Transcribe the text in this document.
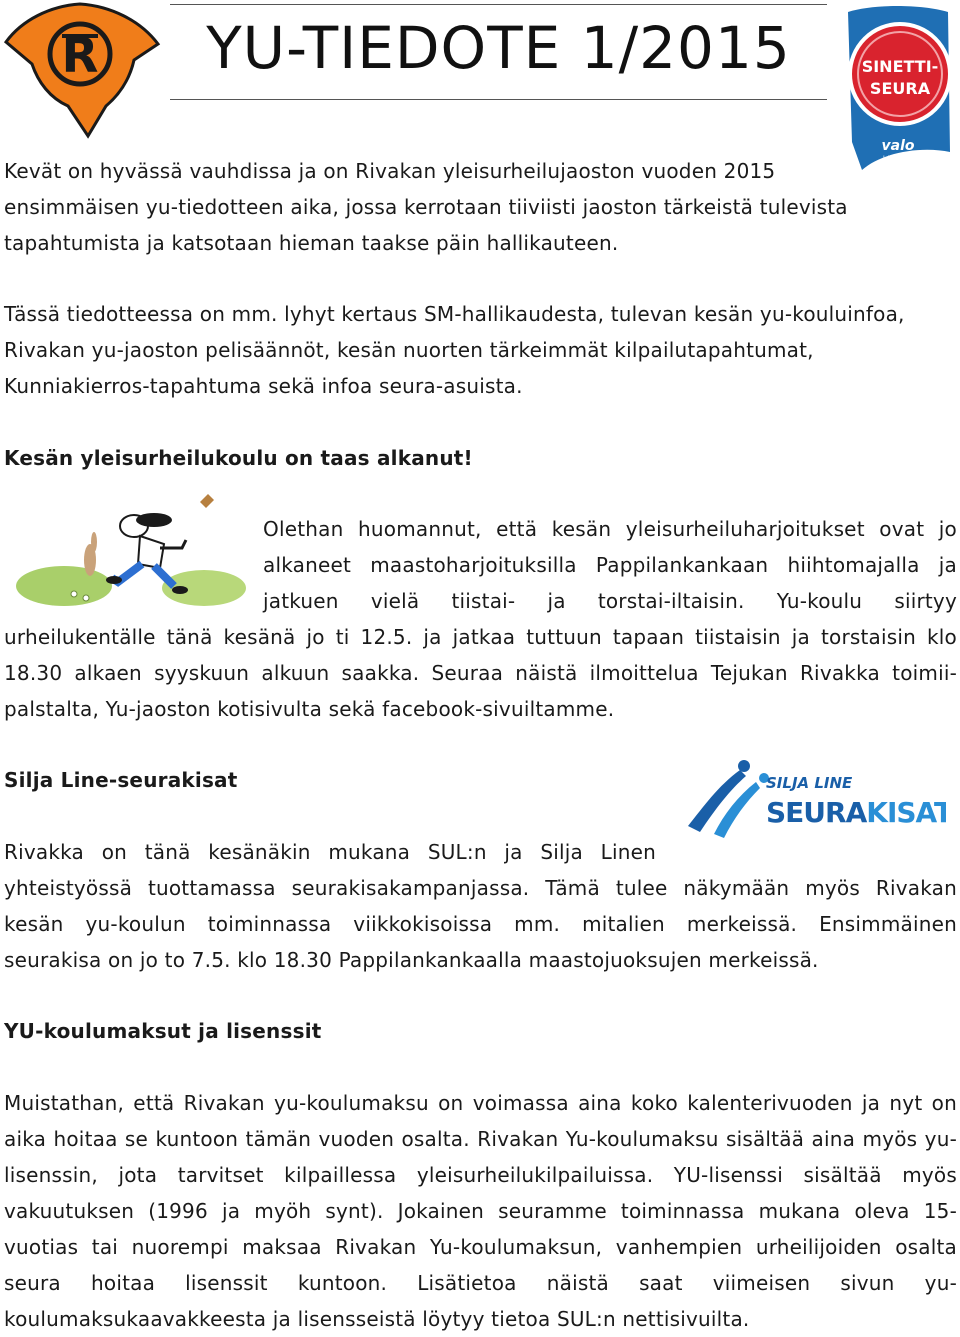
R	YU-TIEDOTE 1/2015	SINETTI-
SEURA
valo
LAJILIITOT
Kevät on hyvässä vauhdissa ja on Rivakan yleisurheilujaoston vuoden 2015
ensimmäisen yu-tiedotteen aika, jossa kerrotaan tiiviisti jaoston tärkeistä tulevista
tapahtumista ja katsotaan hieman taakse päin hallikauteen.
Tässä tiedotteessa on mm. lyhyt kertaus SM-hallikaudesta, tulevan kesän yu-kouluinfoa,
Rivakan yu-jaoston pelisäännöt, kesän nuorten tärkeimmät kilpailutapahtumat,
Kunniakierros-tapahtuma sekä infoa seura-asuista.
Kesän yleisurheilukoulu on taas alkanut!
Olethan huomannut, että kesän yleisurheiluharjoitukset ovat jo
alkaneet maastoharjoituksilla Pappilankankaan hiihtomajalla ja
jatkuen vielä tiistai- ja torstai-iltaisin. Yu-koulu siirtyy
urheilukentälle tänä kesänä jo ti 12.5. ja jatkaa tuttuun tapaan tiistaisin ja torstaisin klo
18.30 alkaen syyskuun alkuun saakka. Seuraa näistä ilmoittelua Tejukan Rivakka toimii-
palstalta, Yu-jaoston kotisivulta sekä facebook-sivuiltamme.
Silja Line-seurakisat	SILJA LINE
SEURAKISAT
Rivakka on tänä kesänäkin mukana SUL:n ja Silja Linen
yhteistyössä tuottamassa seurakisakampanjassa. Tämä tulee näkymään myös Rivakan
kesän yu-koulun toiminnassa viikkokisoissa mm. mitalien merkeissä. Ensimmäinen
seurakisa on jo to 7.5. klo 18.30 Pappilankankaalla maastojuoksujen merkeissä.
YU-koulumaksut ja lisenssit
Muistathan, että Rivakan yu-koulumaksu on voimassa aina koko kalenterivuoden ja nyt on
aika hoitaa se kuntoon tämän vuoden osalta. Rivakan Yu-koulumaksu sisältää aina myös yu-
lisenssin, jota tarvitset kilpaillessa yleisurheilukilpailuissa. YU-lisenssi sisältää myös
vakuutuksen (1996 ja myöh synt). Jokainen seuramme toiminnassa mukana oleva 15-
vuotias tai nuorempi maksaa Rivakan Yu-koulumaksun, vanhempien urheilijoiden osalta
seura hoitaa lisenssit kuntoon. Lisätietoa näistä saat viimeisen sivun yu-
koulumaksukaavakkeesta ja lisensseistä löytyy tietoa SUL:n nettisivuilta.
